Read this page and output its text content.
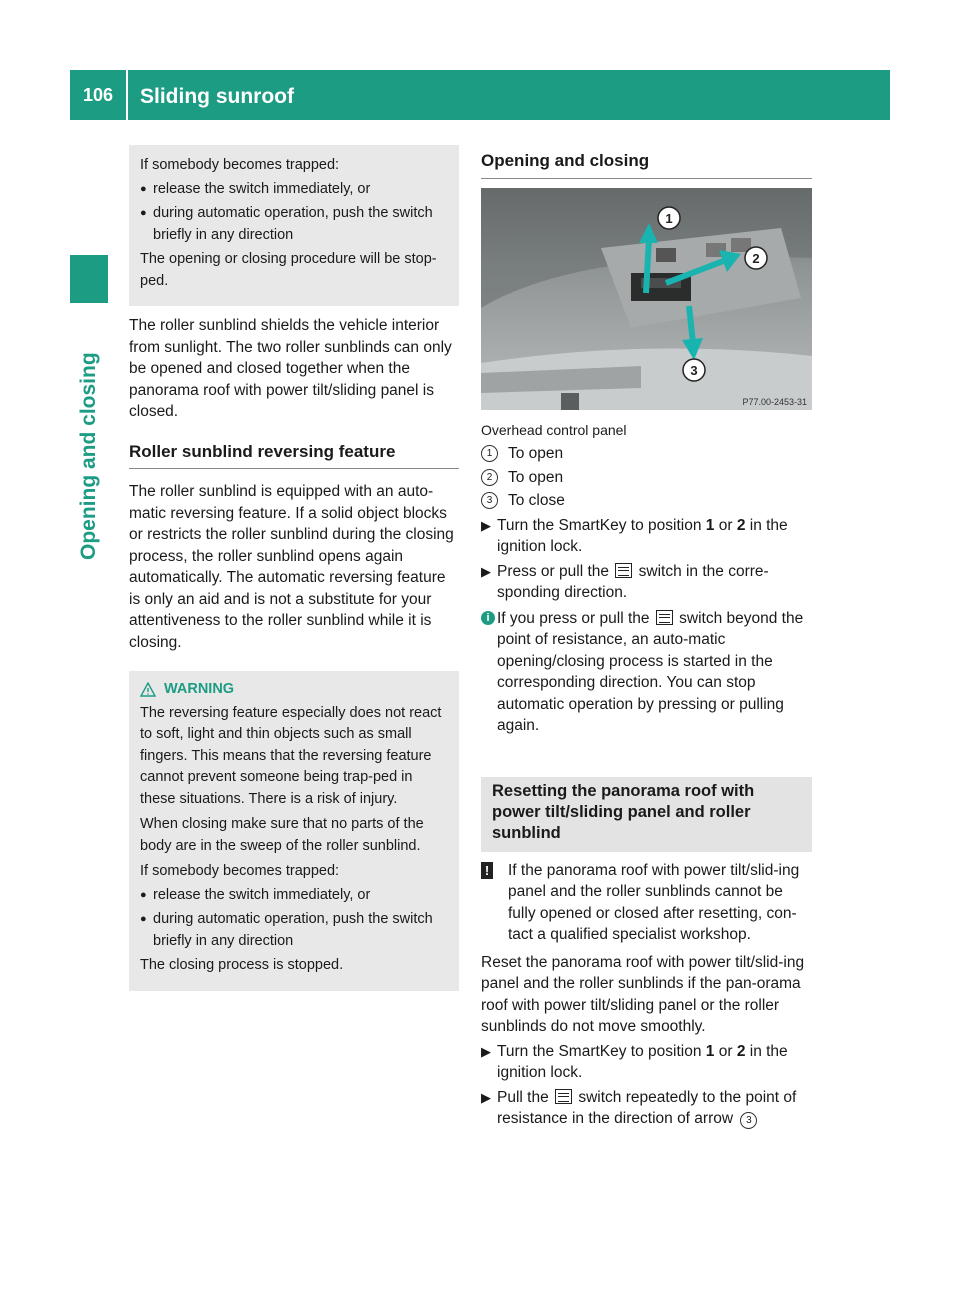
106	Sliding sunroof
Opening and closing

If somebody becomes trapped:

● release the switch immediately, or
● during automatic operation, push the switch briefly in any direction

The opening or closing procedure will be stop-ped.

The roller sunblind shields the vehicle interior from sunlight. The two roller sunblinds can only be opened and closed together when the panorama roof with power tilt/sliding panel is closed.

Roller sunblind reversing feature

The roller sunblind is equipped with an auto-matic reversing feature. If a solid object blocks or restricts the roller sunblind during the closing process, the roller sunblind opens again automatically. The automatic reversing feature is only an aid and is not a substitute for your attentiveness to the roller sunblind while it is closing.

WARNING

The reversing feature especially does not react to soft, light and thin objects such as small fingers. This means that the reversing feature cannot prevent someone being trap-ped in these situations. There is a risk of injury.

When closing make sure that no parts of the body are in the sweep of the roller sunblind.

If somebody becomes trapped:

● release the switch immediately, or
● during automatic operation, push the switch briefly in any direction

The closing process is stopped.

Opening and closing
1
2
3
P77.00-2453-31

Overhead control panel

1	To open
2	To open
3	To close
▶ Turn the SmartKey to position 1 or 2 in the ignition lock.
▶ Press or pull the  switch in the corre-sponding direction.
i If you press or pull the  switch beyond the point of resistance, an auto-matic opening/closing process is started in the corresponding direction. You can stop automatic operation by pressing or pulling again.
Resetting the panorama roof with power tilt/sliding panel and roller sunblind
! If the panorama roof with power tilt/slid-ing panel and the roller sunblinds cannot be fully opened or closed after resetting, con-tact a qualified specialist workshop.

Reset the panorama roof with power tilt/slid-ing panel and the roller sunblinds if the pan-orama roof with power tilt/sliding panel or the roller sunblinds do not move smoothly.

▶ Turn the SmartKey to position 1 or 2 in the ignition lock.
▶ Pull the  switch repeatedly to the point of resistance in the direction of arrow 3
